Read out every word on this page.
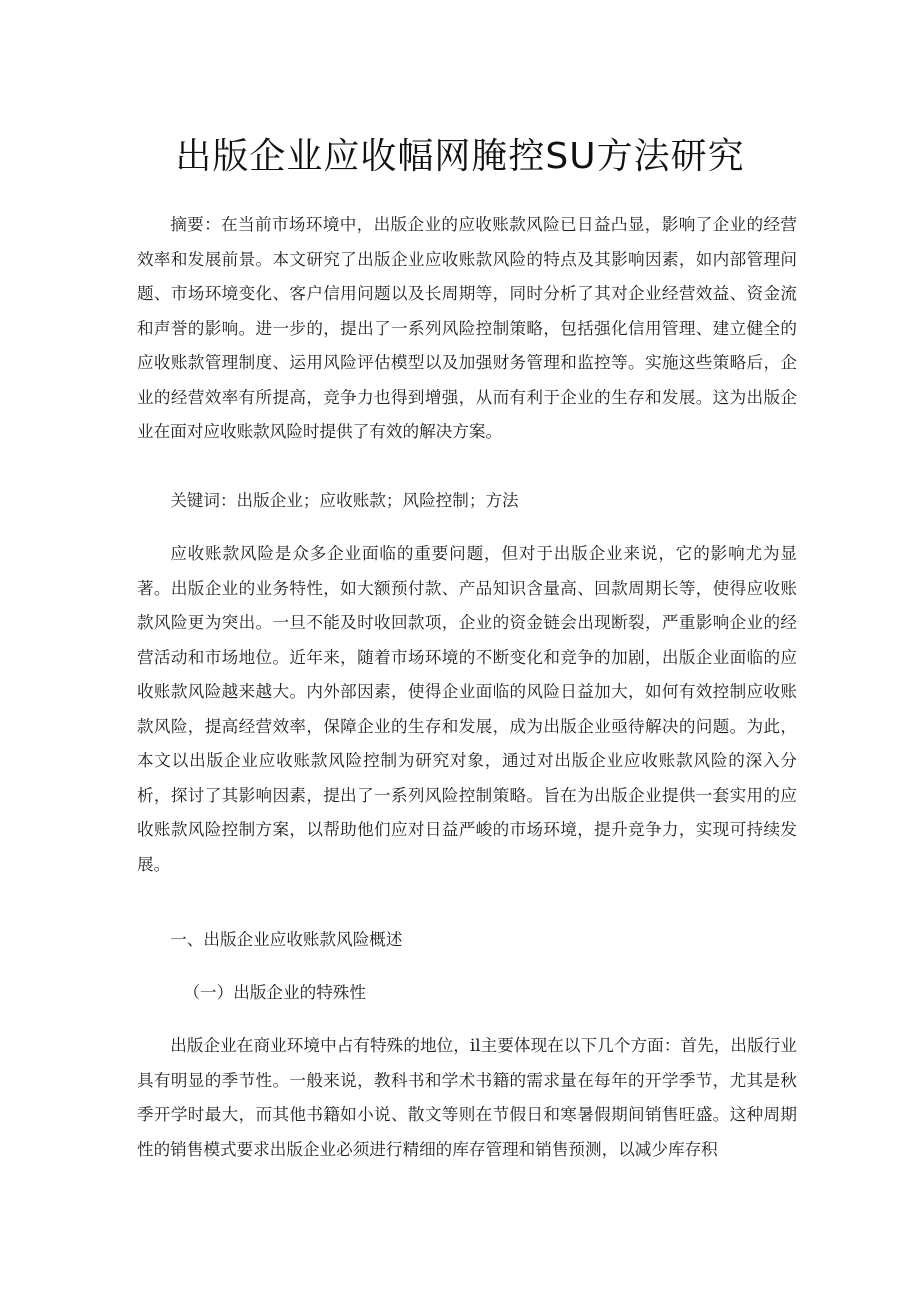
出版企业应收幅网腌控SU方法研究

摘要：在当前市场环境中，出版企业的应收账款风险已日益凸显，影响了企业的经营效率和发展前景。本文研究了出版企业应收账款风险的特点及其影响因素，如内部管理问题、市场环境变化、客户信用问题以及长周期等，同时分析了其对企业经营效益、资金流和声誉的影响。进一步的，提出了一系列风险控制策略，包括强化信用管理、建立健全的应收账款管理制度、运用风险评估模型以及加强财务管理和监控等。实施这些策略后，企业的经营效率有所提高，竞争力也得到增强，从而有利于企业的生存和发展。这为出版企业在面对应收账款风险时提供了有效的解决方案。

关键词：出版企业；应收账款；风险控制；方法

应收账款风险是众多企业面临的重要问题，但对于出版企业来说，它的影响尤为显著。出版企业的业务特性，如大额预付款、产品知识含量高、回款周期长等，使得应收账款风险更为突出。一旦不能及时收回款项，企业的资金链会出现断裂，严重影响企业的经营活动和市场地位。近年来，随着市场环境的不断变化和竞争的加剧，出版企业面临的应收账款风险越来越大。内外部因素，使得企业面临的风险日益加大，如何有效控制应收账款风险，提高经营效率，保障企业的生存和发展，成为出版企业亟待解决的问题。为此，本文以出版企业应收账款风险控制为研究对象，通过对出版企业应收账款风险的深入分析，探讨了其影响因素，提出了一系列风险控制策略。旨在为出版企业提供一套实用的应收账款风险控制方案，以帮助他们应对日益严峻的市场环境，提升竞争力，实现可持续发展。

一、出版企业应收账款风险概述

（一）出版企业的特殊性

出版企业在商业环境中占有特殊的地位，il主要体现在以下几个方面：首先，出版行业具有明显的季节性。一般来说，教科书和学术书籍的需求量在每年的开学季节，尤其是秋季开学时最大，而其他书籍如小说、散文等则在节假日和寒暑假期间销售旺盛。这种周期性的销售模式要求出版企业必须进行精细的库存管理和销售预测，以减少库存积
